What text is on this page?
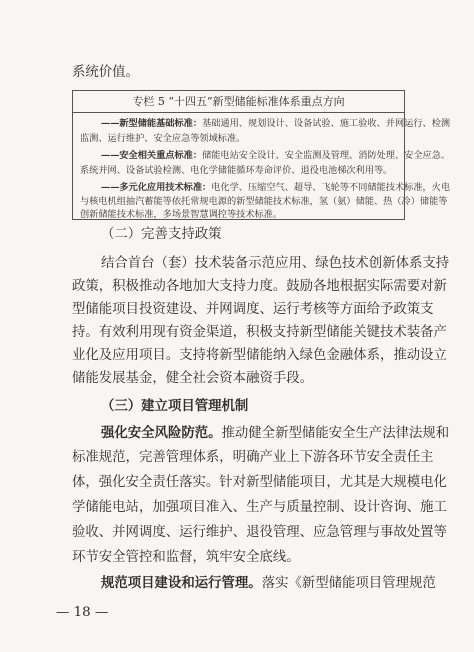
系统价值。
专栏 5 “十四五”新型储能标准体系重点方向
——新型储能基础标准：基础通用、规划设计、设备试验、施工验收、并网运行、检测
监测、运行维护、安全应急等领域标准。
——安全相关重点标准：储能电站安全设计、安全监测及管理、消防处理、安全应急、
系统并网、设备试验检测、电化学储能循环寿命评价、退役电池梯次利用等。
——多元化应用技术标准：电化学、压缩空气、超导、飞轮等不同储能技术标准，火电
与核电机组抽汽蓄能等依托常规电源的新型储能技术标准，氢（氨）储能、热（冷）储能等
创新储能技术标准，多场景智慧调控等技术标准。
（二）完善支持政策
结合首台（套）技术装备示范应用、绿色技术创新体系支持
政策，积极推动各地加大支持力度。鼓励各地根据实际需要对新
型储能项目投资建设、并网调度、运行考核等方面给予政策支
持。有效利用现有资金渠道，积极支持新型储能关键技术装备产
业化及应用项目。支持将新型储能纳入绿色金融体系，推动设立
储能发展基金，健全社会资本融资手段。
（三）建立项目管理机制
强化安全风险防范。推动健全新型储能安全生产法律法规和
标准规范，完善管理体系，明确产业上下游各环节安全责任主
体，强化安全责任落实。针对新型储能项目，尤其是大规模电化
学储能电站，加强项目准入、生产与质量控制、设计咨询、施工
验收、并网调度、运行维护、退役管理、应急管理与事故处置等
环节安全管控和监督，筑牢安全底线。
规范项目建设和运行管理。落实《新型储能项目管理规范
— 18 —
